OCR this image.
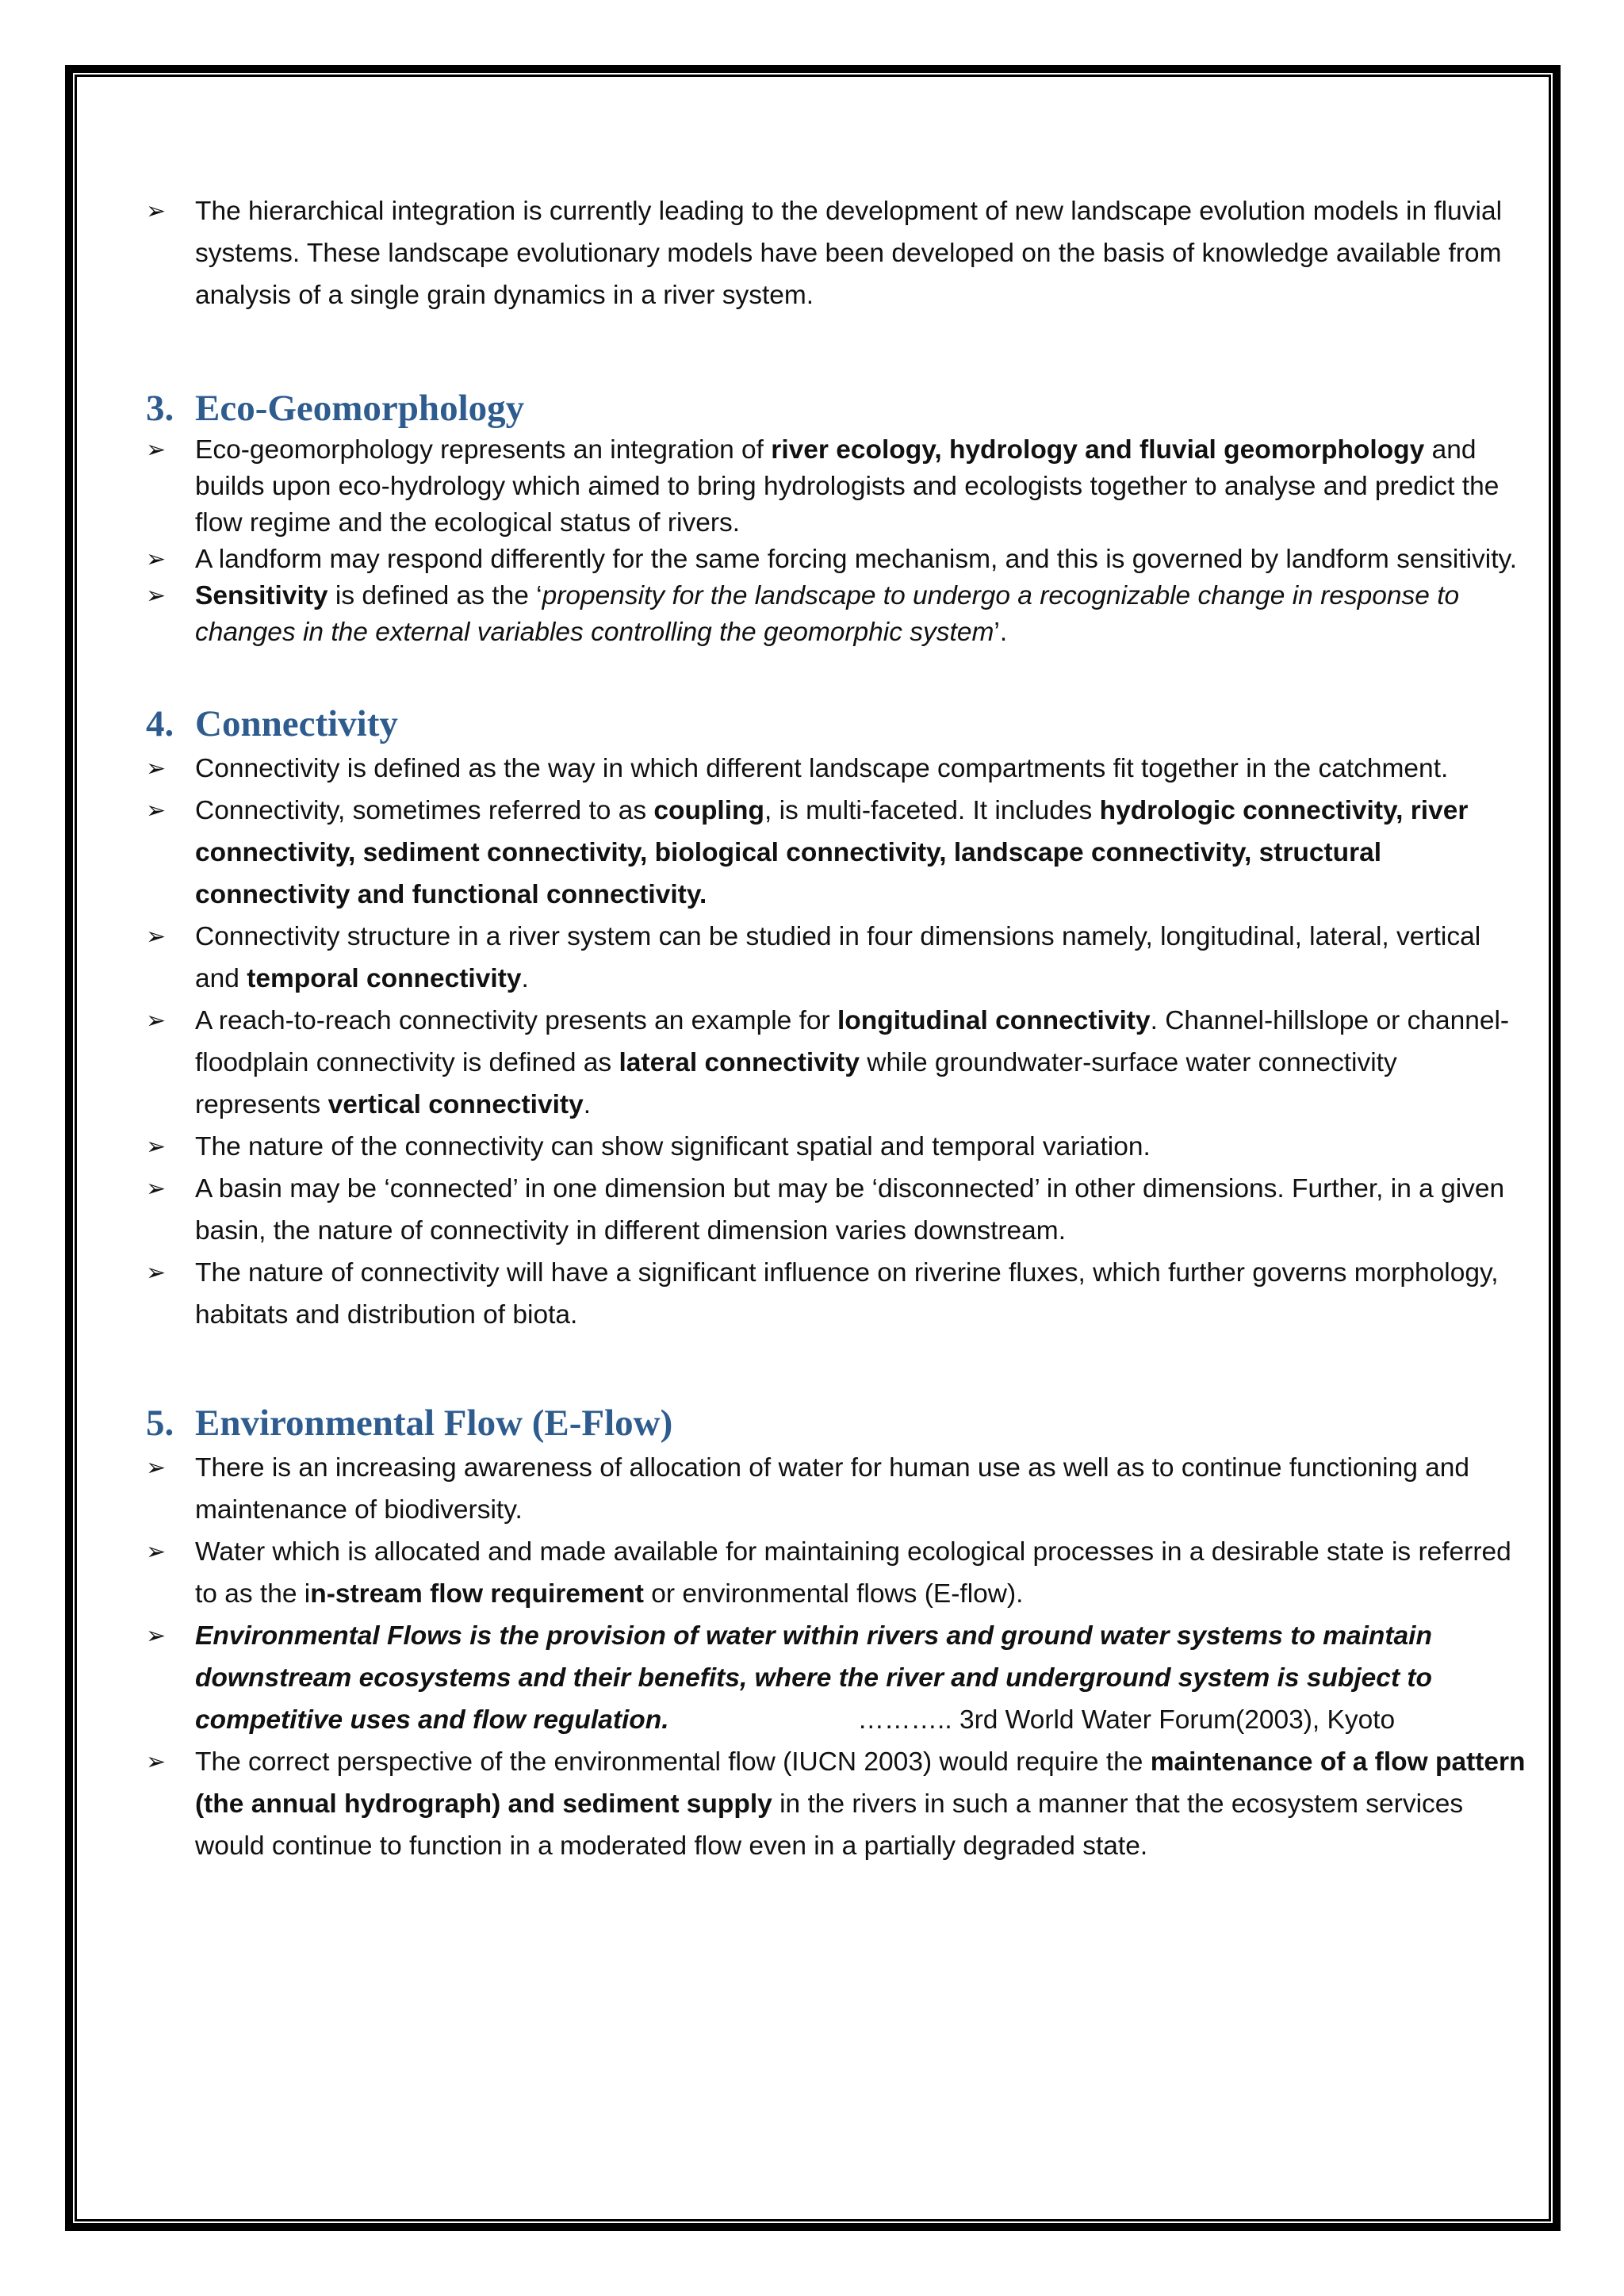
➢ The hierarchical integration is currently leading to the development of new landscape evolution models in fluvial systems. These landscape evolutionary models have been developed on the basis of knowledge available from analysis of a single grain dynamics in a river system.
3. Eco-Geomorphology
➢ Eco-geomorphology represents an integration of river ecology, hydrology and fluvial geomorphology and builds upon eco-hydrology which aimed to bring hydrologists and ecologists together to analyse and predict the flow regime and the ecological status of rivers.
➢ A landform may respond differently for the same forcing mechanism, and this is governed by landform sensitivity.
➢ Sensitivity is defined as the ‘propensity for the landscape to undergo a recognizable change in response to changes in the external variables controlling the geomorphic system’.
4. Connectivity
➢ Connectivity is defined as the way in which different landscape compartments fit together in the catchment.
➢ Connectivity, sometimes referred to as coupling, is multi-faceted. It includes hydrologic connectivity, river connectivity, sediment connectivity, biological connectivity, landscape connectivity, structural connectivity and functional connectivity.
➢ Connectivity structure in a river system can be studied in four dimensions namely, longitudinal, lateral, vertical and temporal connectivity.
➢ A reach-to-reach connectivity presents an example for longitudinal connectivity. Channel-hillslope or channel-floodplain connectivity is defined as lateral connectivity while groundwater-surface water connectivity represents vertical connectivity.
➢ The nature of the connectivity can show significant spatial and temporal variation.
➢ A basin may be ‘connected’ in one dimension but may be ‘disconnected’ in other dimensions. Further, in a given basin, the nature of connectivity in different dimension varies downstream.
➢ The nature of connectivity will have a significant influence on riverine fluxes, which further governs morphology, habitats and distribution of biota.
5. Environmental Flow (E-Flow)
➢ There is an increasing awareness of allocation of water for human use as well as to continue functioning and maintenance of biodiversity.
➢ Water which is allocated and made available for maintaining ecological processes in a desirable state is referred to as the in-stream flow requirement or environmental flows (E-flow).
➢ Environmental Flows is the provision of water within rivers and ground water systems to maintain downstream ecosystems and their benefits, where the river and underground system is subject to competitive uses and flow regulation.	……….. 3rd World Water Forum(2003), Kyoto
➢ The correct perspective of the environmental flow (IUCN 2003) would require the maintenance of a flow pattern (the annual hydrograph) and sediment supply in the rivers in such a manner that the ecosystem services would continue to function in a moderated flow even in a partially degraded state.
